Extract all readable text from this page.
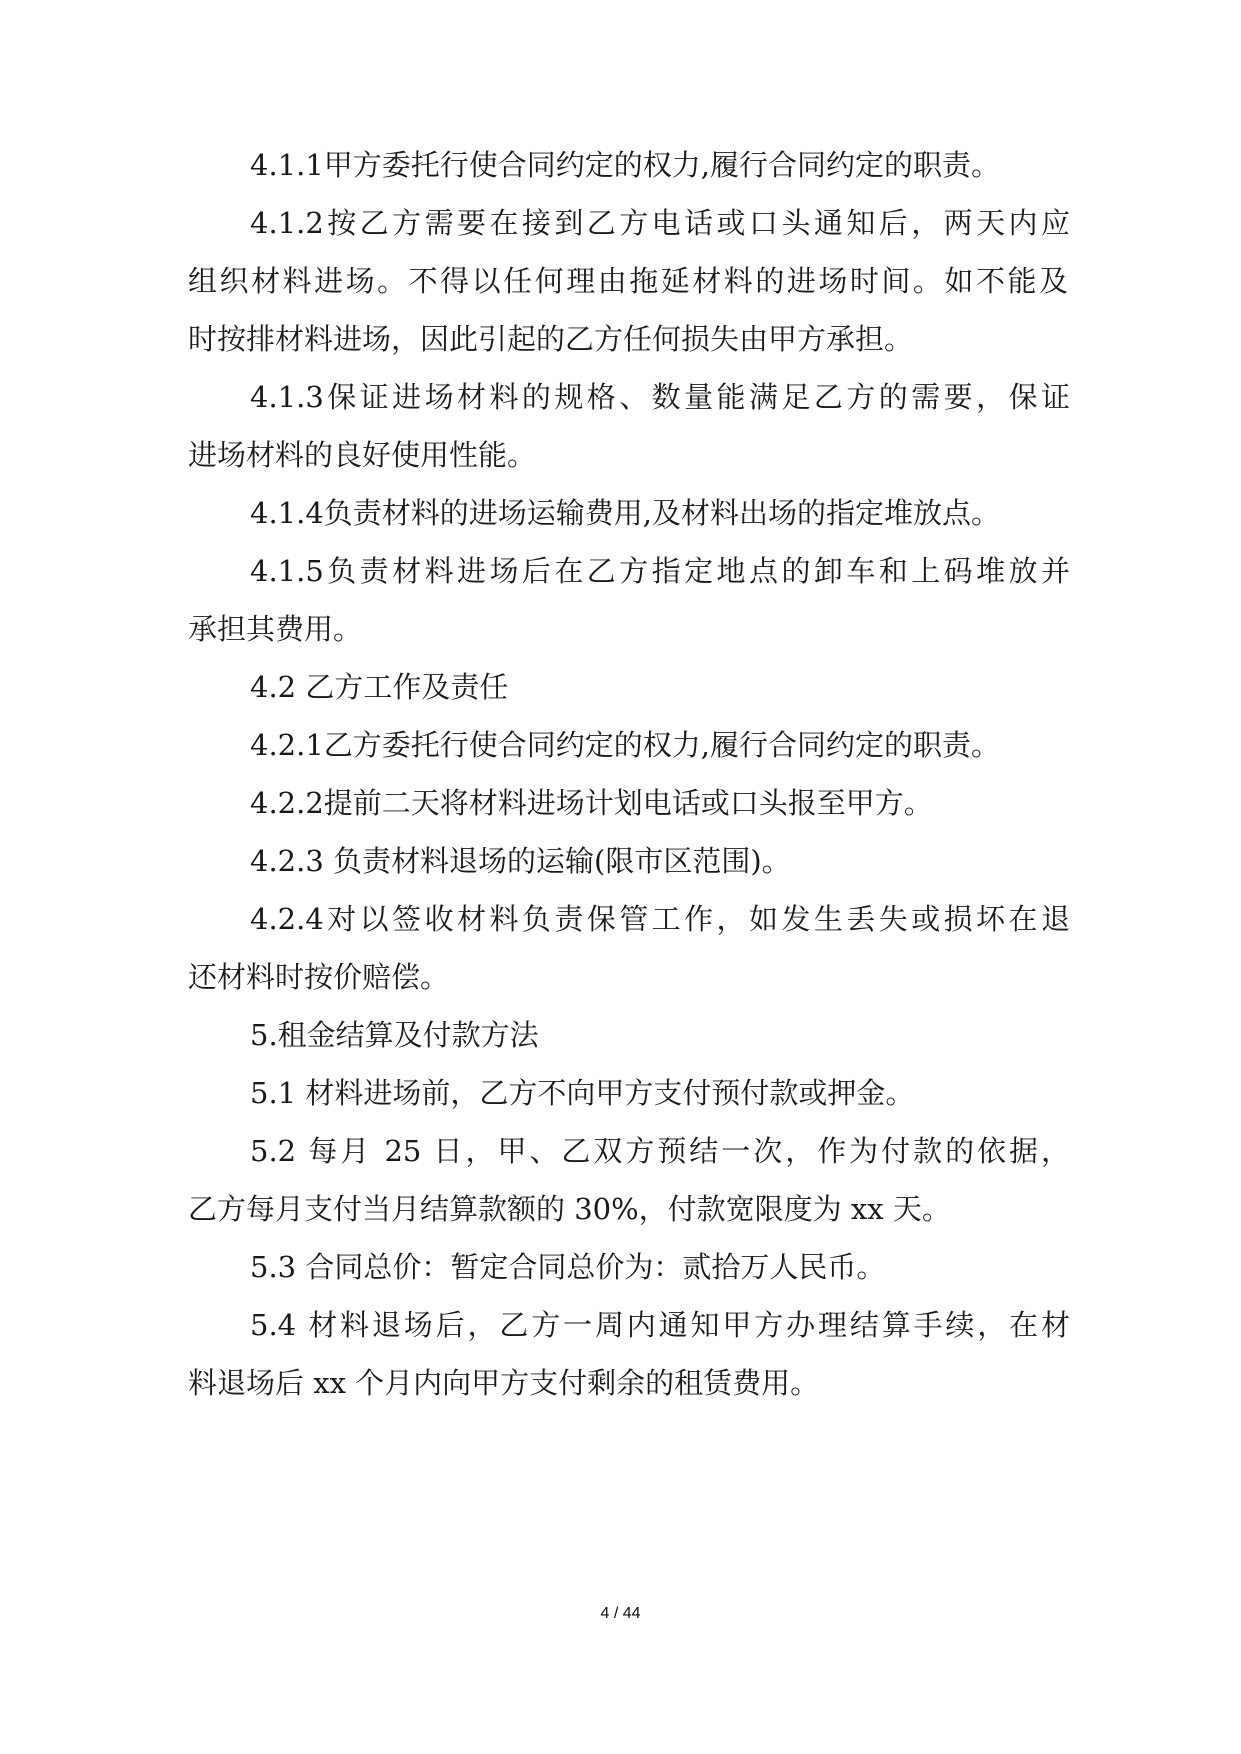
4.1.1甲方委托行使合同约定的权力,履行合同约定的职责。
4.1.2按乙方需要在接到乙方电话或口头通知后，两天内应
组织材料进场。不得以任何理由拖延材料的进场时间。如不能及
时按排材料进场，因此引起的乙方任何损失由甲方承担。
4.1.3保证进场材料的规格、数量能满足乙方的需要，保证
进场材料的良好使用性能。
4.1.4负责材料的进场运输费用,及材料出场的指定堆放点。
4.1.5负责材料进场后在乙方指定地点的卸车和上码堆放并
承担其费用。
4.2 乙方工作及责任
4.2.1乙方委托行使合同约定的权力,履行合同约定的职责。
4.2.2提前二天将材料进场计划电话或口头报至甲方。
4.2.3 负责材料退场的运输(限市区范围)。
4.2.4对以签收材料负责保管工作，如发生丢失或损坏在退
还材料时按价赔偿。
5.租金结算及付款方法
5.1 材料进场前，乙方不向甲方支付预付款或押金。
5.2 每月 25 日，甲、乙双方预结一次，作为付款的依据，
乙方每月支付当月结算款额的 30%，付款宽限度为 xx 天。
5.3 合同总价：暂定合同总价为：贰拾万人民币。
5.4 材料退场后，乙方一周内通知甲方办理结算手续，在材
料退场后 xx 个月内向甲方支付剩余的租赁费用。
4 / 44
